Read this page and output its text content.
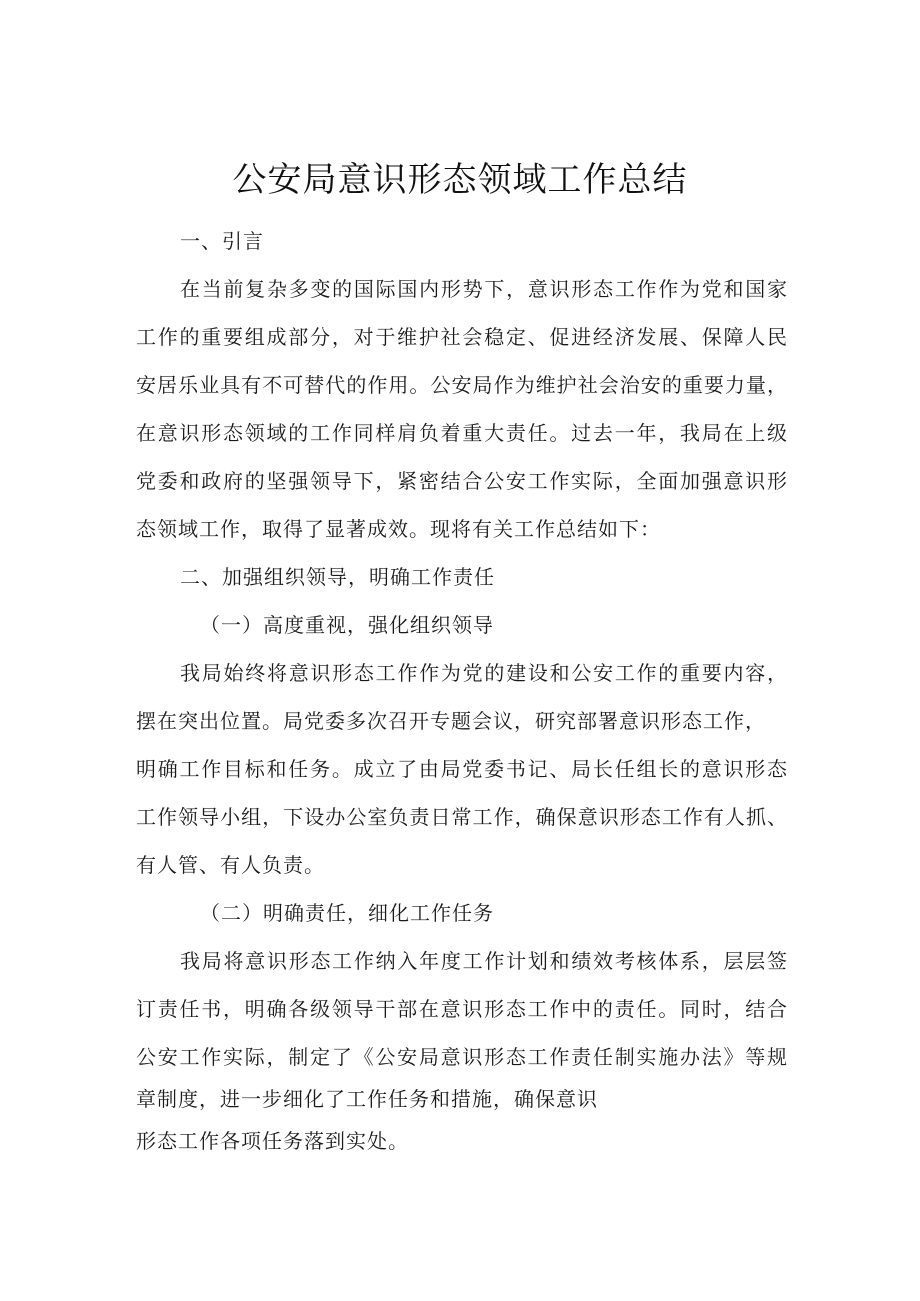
公安局意识形态领域工作总结

一、引言

在当前复杂多变的国际国内形势下，意识形态工作作为党和国家

工作的重要组成部分，对于维护社会稳定、促进经济发展、保障人民

安居乐业具有不可替代的作用。公安局作为维护社会治安的重要力量，

在意识形态领域的工作同样肩负着重大责任。过去一年，我局在上级

党委和政府的坚强领导下，紧密结合公安工作实际，全面加强意识形

态领域工作，取得了显著成效。现将有关工作总结如下：

二、加强组织领导，明确工作责任

（一）高度重视，强化组织领导

我局始终将意识形态工作作为党的建设和公安工作的重要内容，

摆在突出位置。局党委多次召开专题会议，研究部署意识形态工作，

明确工作目标和任务。成立了由局党委书记、局长任组长的意识形态

工作领导小组，下设办公室负责日常工作，确保意识形态工作有人抓、

有人管、有人负责。

（二）明确责任，细化工作任务

我局将意识形态工作纳入年度工作计划和绩效考核体系，层层签

订责任书，明确各级领导干部在意识形态工作中的责任。同时，结合

公安工作实际，制定了《公安局意识形态工作责任制实施办法》等规

章制度，进一步细化了工作任务和措施，确保意识

形态工作各项任务落到实处。
